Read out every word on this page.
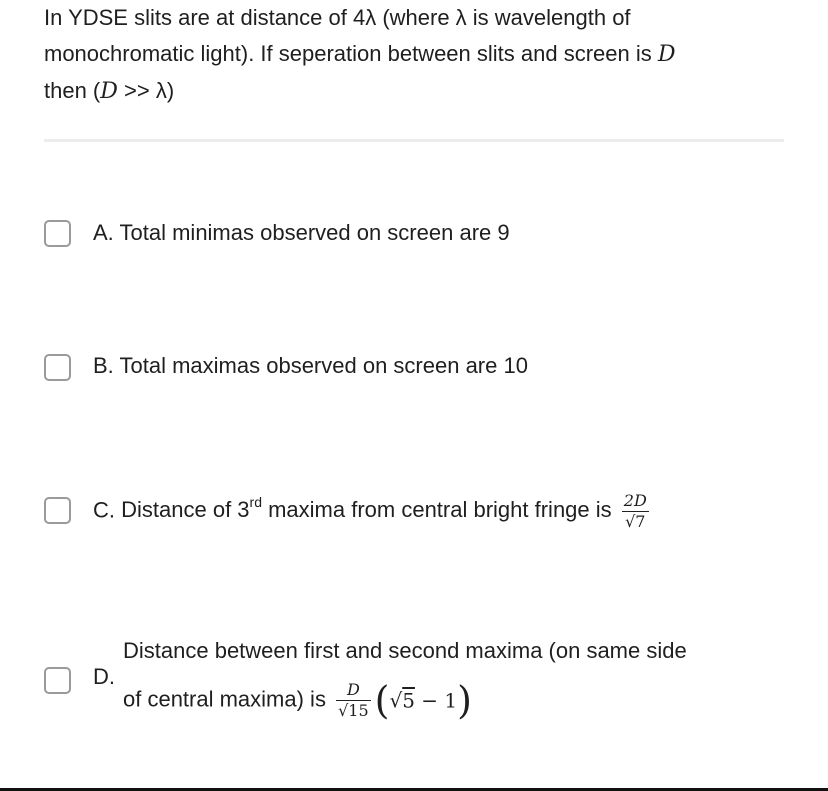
In YDSE slits are at distance of 4λ (where λ is wavelength of
monochromatic light). If seperation between slits and screen is D
then (D >> λ)
A. Total minimas observed on screen are 9
B. Total maximas observed on screen are 10
C. Distance of 3rd maxima from central bright fringe is $\frac{2D}{√7}$
D.
Distance between first and second maxima (on same side
of central maxima) is $\frac{D}{√15} (√5 - 1)$
